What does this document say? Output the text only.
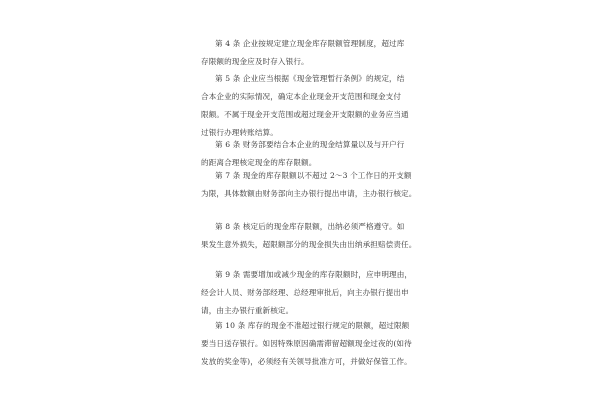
第 4 条 企业按规定建立现金库存限额管理制度，超过库
存限额的现金应及时存入银行。
第 5 条 企业应当根据《现金管理暂行条例》的规定，结
合本企业的实际情况，确定本企业现金开支范围和现金支付
限额。不属于现金开支范围或超过现金开支限额的业务应当通
过银行办理转账结算。
第 6 条 财务部要结合本企业的现金结算量以及与开户行
的距离合理核定现金的库存限额。
第 7 条 现金的库存限额以不超过 2～3 个工作日的开支额
为限，具体数额由财务部向主办银行提出申请，主办银行核定。
第 8 条 核定后的现金库存限额，出纳必须严格遵守。如
果发生意外损失，超限额部分的现金损失由出纳承担赔偿责任。
第 9 条 需要增加或减少现金的库存限额时，应申明理由，
经会计人员、财务部经理、总经理审批后，向主办银行提出申
请，由主办银行重新核定。
第 10 条 库存的现金不准超过银行规定的限额，超过限额
要当日送存银行。如因特殊原因确需滞留超额现金过夜的(如待
发放的奖金等)，必须经有关领导批准方可，并做好保管工作。
